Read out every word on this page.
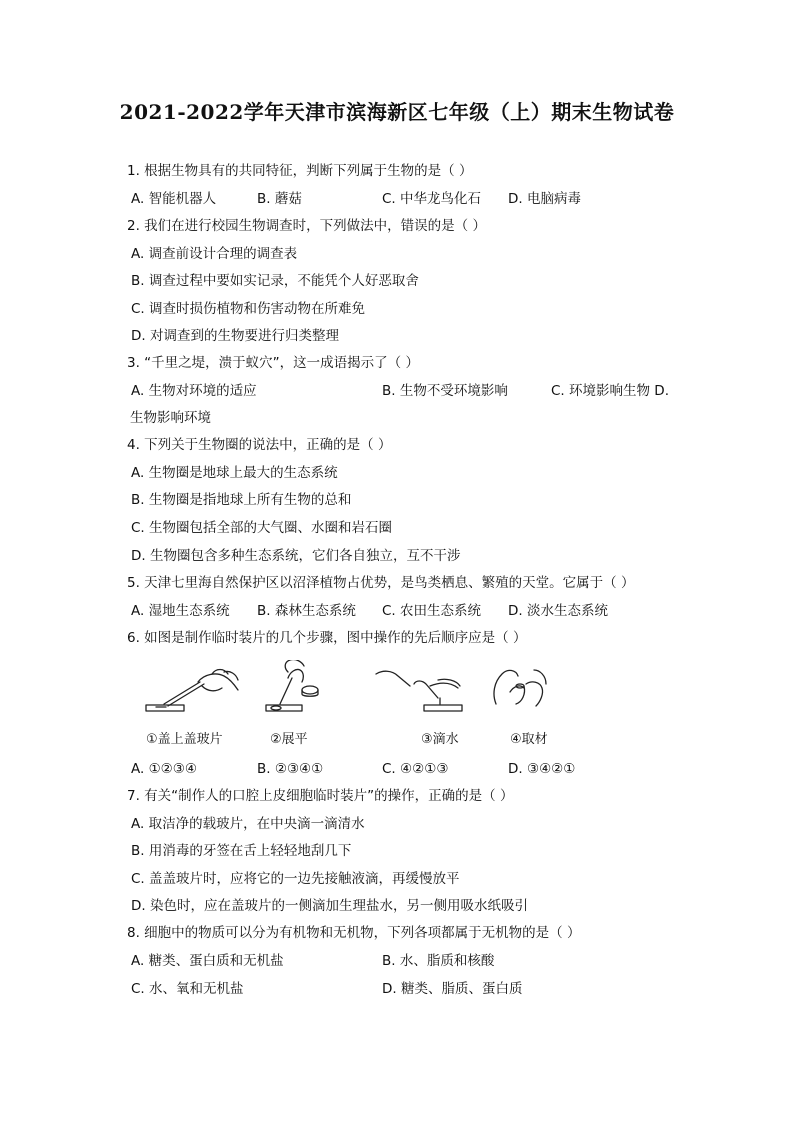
2021-2022学年天津市滨海新区七年级（上）期末生物试卷
1. 根据生物具有的共同特征，判断下列属于生物的是（ ）
A. 智能机器人	B. 蘑菇	C. 中华龙鸟化石 D. 电脑病毒
2. 我们在进行校园生物调查时，下列做法中，错误的是（ ）
A. 调查前设计合理的调查表
B. 调查过程中要如实记录，不能凭个人好恶取舍
C. 调查时损伤植物和伤害动物在所难免
D. 对调查到的生物要进行归类整理
3. “千里之堤，溃于蚁穴”，这一成语揭示了（ ）
A. 生物对环境的适应	B. 生物不受环境影响	C. 环境影响生物 D.
生物影响环境
4. 下列关于生物圈的说法中，正确的是（ ）
A. 生物圈是地球上最大的生态系统
B. 生物圈是指地球上所有生物的总和
C. 生物圈包括全部的大气圈、水圈和岩石圈
D. 生物圈包含多种生态系统，它们各自独立，互不干涉
5. 天津七里海自然保护区以沼泽植物占优势，是鸟类栖息、繁殖的天堂。它属于（ ）
A. 湿地生态系统 B. 森林生态系统 C. 农田生态系统 D. 淡水生态系统
6. 如图是制作临时装片的几个步骤，图中操作的先后顺序应是（ ）
①盖上盖玻片	②展平	③滴水	④取材
A. ①②③④	B. ②③④①	C. ④②①③	D. ③④②①
7. 有关“制作人的口腔上皮细胞临时装片”的操作，正确的是（ ）
A. 取洁净的载玻片，在中央滴一滴清水
B. 用消毒的牙签在舌上轻轻地刮几下
C. 盖盖玻片时，应将它的一边先接触液滴，再缓慢放平
D. 染色时，应在盖玻片的一侧滴加生理盐水，另一侧用吸水纸吸引
8. 细胞中的物质可以分为有机物和无机物，下列各项都属于无机物的是（ ）
A. 糖类、蛋白质和无机盐	B. 水、脂质和核酸
C. 水、氧和无机盐	D. 糖类、脂质、蛋白质
